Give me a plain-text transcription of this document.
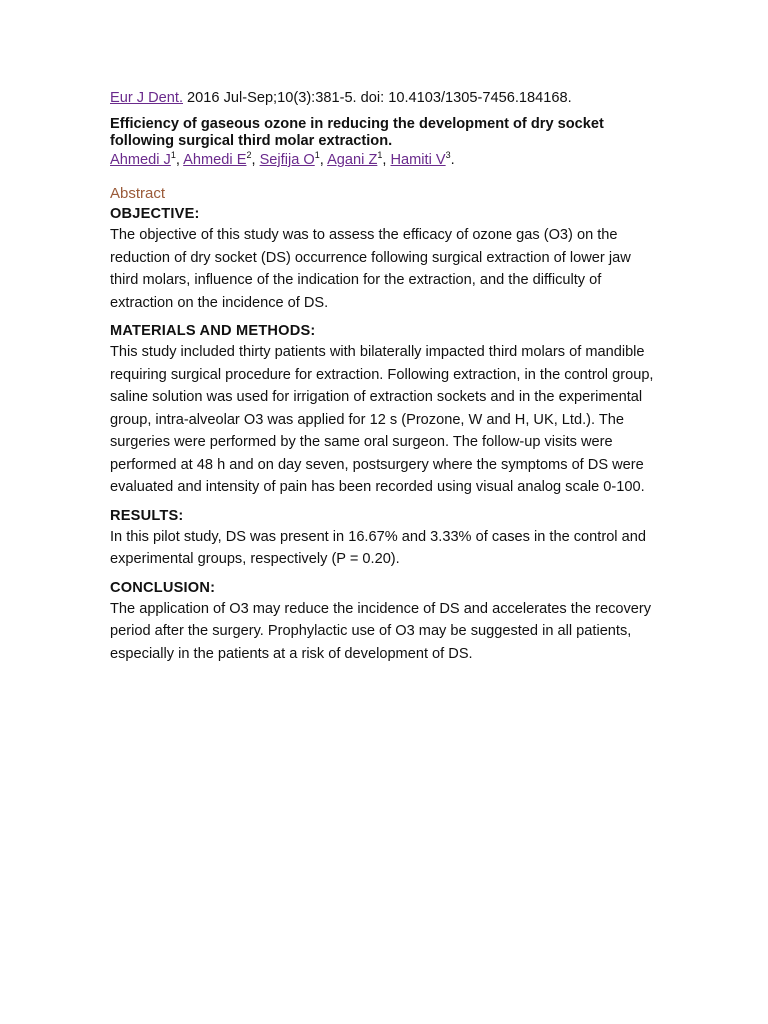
Eur J Dent. 2016 Jul-Sep;10(3):381-5. doi: 10.4103/1305-7456.184168.

Efficiency of gaseous ozone in reducing the development of dry socket following surgical third molar extraction.

Ahmedi $J^1$, Ahmedi $E^2$, Sejfija $O^1$, Agani $Z^1$, Hamiti $V^3$.

Abstract

OBJECTIVE:

The objective of this study was to assess the efficacy of ozone gas (O3) on the reduction of dry socket (DS) occurrence following surgical extraction of lower jaw third molars, influence of the indication for the extraction, and the difficulty of extraction on the incidence of DS.

MATERIALS AND METHODS:

This study included thirty patients with bilaterally impacted third molars of mandible requiring surgical procedure for extraction. Following extraction, in the control group, saline solution was used for irrigation of extraction sockets and in the experimental group, intra-alveolar O3 was applied for 12 s (Prozone, W and H, UK, Ltd.). The surgeries were performed by the same oral surgeon. The follow-up visits were performed at 48 h and on day seven, postsurgery where the symptoms of DS were evaluated and intensity of pain has been recorded using visual analog scale 0-100.

RESULTS:

In this pilot study, DS was present in 16.67% and 3.33% of cases in the control and experimental groups, respectively (P = 0.20).

CONCLUSION:

The application of O3 may reduce the incidence of DS and accelerates the recovery period after the surgery. Prophylactic use of O3 may be suggested in all patients, especially in the patients at a risk of development of DS.
